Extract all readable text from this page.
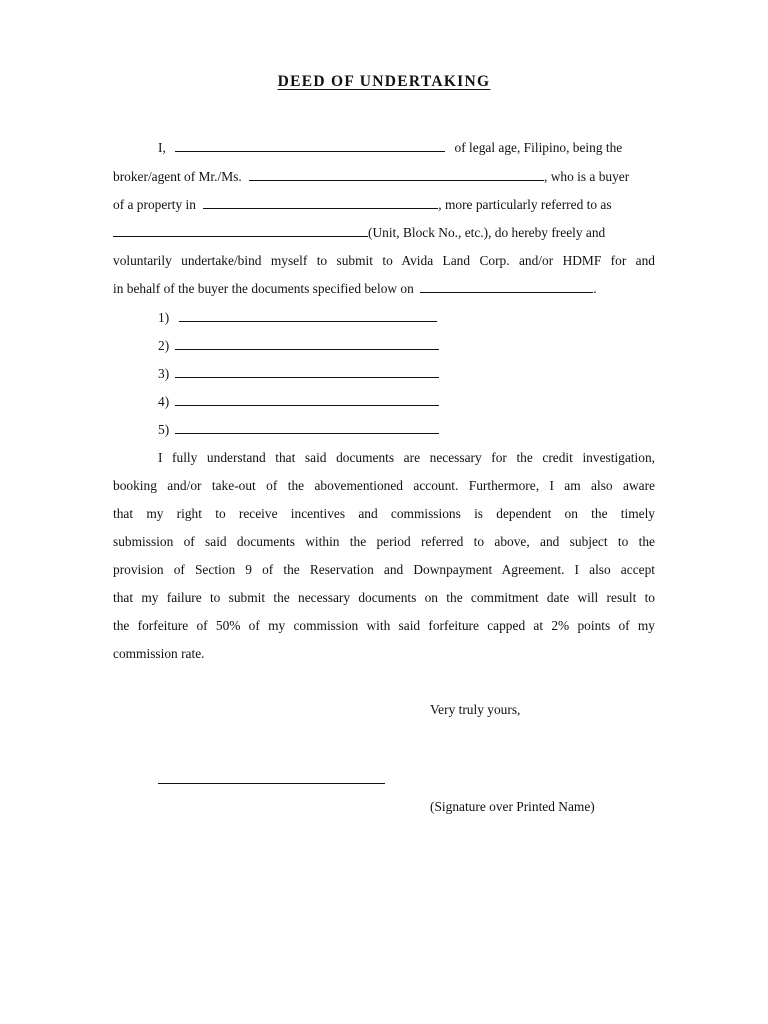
DEED OF UNDERTAKING
I,	of legal age, Filipino, being the
broker/agent of Mr./Ms.	, who is a buyer
of a property in	, more particularly referred to as
(Unit, Block No., etc.), do hereby freely and
voluntarily undertake/bind myself to submit to Avida Land Corp. and/or HDMF for and
in behalf of the buyer the documents specified below on	.
1)
2)
3)
4)
5)
I fully understand that said documents are necessary for the credit investigation,
booking and/or take-out of the abovementioned account. Furthermore, I am also aware
that my right to receive incentives and commissions is dependent on the timely
submission of said documents within the period referred to above, and subject to the
provision of Section 9 of the Reservation and Downpayment Agreement. I also accept
that my failure to submit the necessary documents on the commitment date will result to
the forfeiture of 50% of my commission with said forfeiture capped at 2% points of my
commission rate.
Very truly yours,
(Signature over Printed Name)
